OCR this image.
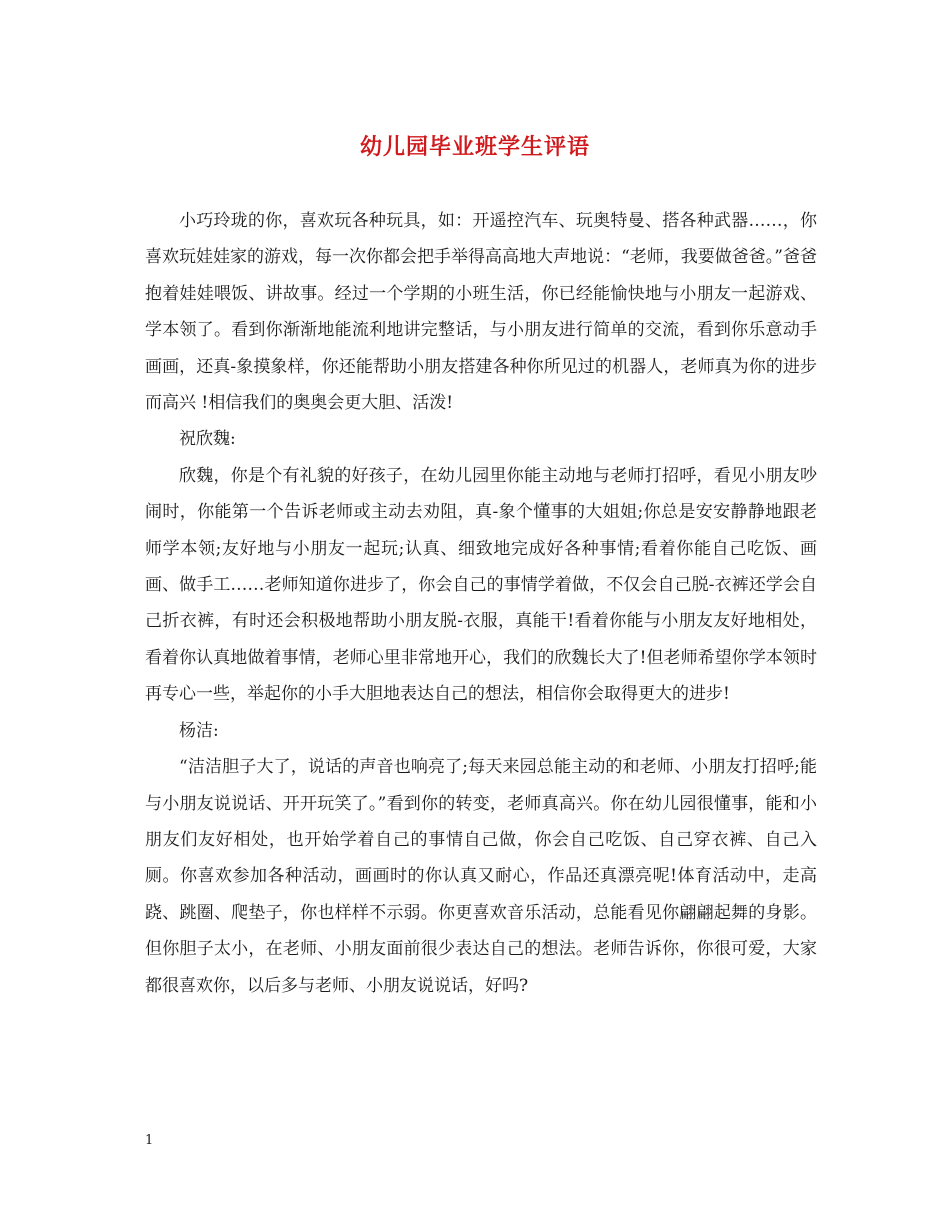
幼儿园毕业班学生评语

小巧玲珑的你，喜欢玩各种玩具，如：开遥控汽车、玩奥特曼、搭各种武器……，你喜欢玩娃娃家的游戏，每一次你都会把手举得高高地大声地说：“老师，我要做爸爸。”爸爸抱着娃娃喂饭、讲故事。经过一个学期的小班生活，你已经能愉快地与小朋友一起游戏、学本领了。看到你渐渐地能流利地讲完整话，与小朋友进行简单的交流，看到你乐意动手画画，还真-象摸象样，你还能帮助小朋友搭建各种你所见过的机器人，老师真为你的进步而高兴 !相信我们的奥奥会更大胆、活泼!

祝欣魏:

欣魏，你是个有礼貌的好孩子，在幼儿园里你能主动地与老师打招呼，看见小朋友吵闹时，你能第一个告诉老师或主动去劝阻，真-象个懂事的大姐姐;你总是安安静静地跟老师学本领;友好地与小朋友一起玩;认真、细致地完成好各种事情;看着你能自己吃饭、画画、做手工……老师知道你进步了，你会自己的事情学着做，不仅会自己脱-衣裤还学会自己折衣裤，有时还会积极地帮助小朋友脱-衣服，真能干!看着你能与小朋友友好地相处，看着你认真地做着事情，老师心里非常地开心，我们的欣魏长大了!但老师希望你学本领时再专心一些，举起你的小手大胆地表达自己的想法，相信你会取得更大的进步!

杨洁:

“洁洁胆子大了，说话的声音也响亮了;每天来园总能主动的和老师、小朋友打招呼;能与小朋友说说话、开开玩笑了。”看到你的转变，老师真高兴。你在幼儿园很懂事，能和小朋友们友好相处，也开始学着自己的事情自己做，你会自己吃饭、自己穿衣裤、自己入厕。你喜欢参加各种活动，画画时的你认真又耐心，作品还真漂亮呢!体育活动中，走高跷、跳圈、爬垫子，你也样样不示弱。你更喜欢音乐活动，总能看见你翩翩起舞的身影。但你胆子太小，在老师、小朋友面前很少表达自己的想法。老师告诉你，你很可爱，大家都很喜欢你，以后多与老师、小朋友说说话，好吗?

1
